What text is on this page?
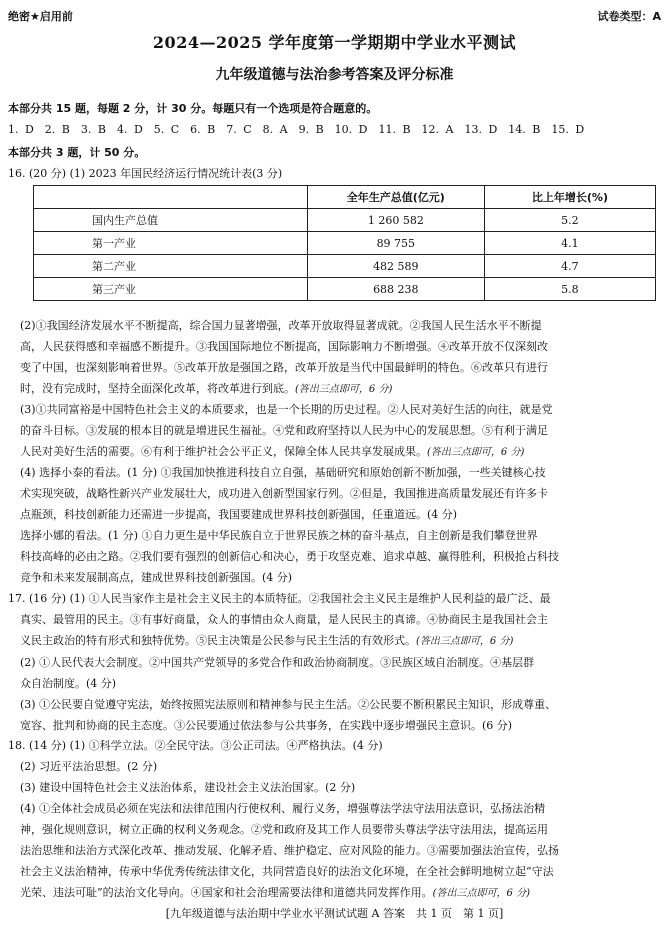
绝密★启用前	试卷类型：A
2024—2025 学年度第一学期期中学业水平测试
九年级道德与法治参考答案及评分标准
本部分共 15 题，每题 2 分，计 30 分。每题只有一个选项是符合题意的。
1. D　2. B　3. B　4. D　5. C　6. B　7. C　8. A　9. B　10. D　11. B　12. A　13. D　14. B　15. D
本部分共 3 题，计 50 分。
16. (20 分) (1) 2023 年国民经济运行情况统计表(3 分)
	全年生产总值(亿元)	比上年增长(%)
国内生产总值	1 260 582	5.2
第一产业	89 755	4.1
第二产业	482 589	4.7
第三产业	688 238	5.8
(2)①我国经济发展水平不断提高，综合国力显著增强，改革开放取得显著成就。②我国人民生活水平不断提
高，人民获得感和幸福感不断提升。③我国国际地位不断提高，国际影响力不断增强。④改革开放不仅深刻改
变了中国，也深刻影响着世界。⑤改革开放是强国之路，改革开放是当代中国最鲜明的特色。⑥改革只有进行
时，没有完成时，坚持全面深化改革，将改革进行到底。(答出三点即可，6 分)
(3)①共同富裕是中国特色社会主义的本质要求，也是一个长期的历史过程。②人民对美好生活的向往，就是党
的奋斗目标。③发展的根本目的就是增进民生福祉。④党和政府坚持以人民为中心的发展思想。⑤有利于满足
人民对美好生活的需要。⑥有利于维护社会公平正义，保障全体人民共享发展成果。(答出三点即可，6 分)
(4) 选择小泰的看法。(1 分) ①我国加快推进科技自立自强，基础研究和原始创新不断加强，一些关键核心技
术实现突破，战略性新兴产业发展壮大，成功进入创新型国家行列。②但是，我国推进高质量发展还有许多卡
点瓶颈，科技创新能力还需进一步提高，我国要建成世界科技创新强国，任重道远。(4 分)
选择小娜的看法。(1 分) ①自力更生是中华民族自立于世界民族之林的奋斗基点，自主创新是我们攀登世界
科技高峰的必由之路。②我们要有强烈的创新信心和决心，勇于攻坚克难、追求卓越、赢得胜利，积极抢占科技
竞争和未来发展制高点，建成世界科技创新强国。(4 分)
17. (16 分) (1) ①人民当家作主是社会主义民主的本质特征。②我国社会主义民主是维护人民利益的最广泛、最
真实、最管用的民主。③有事好商量，众人的事情由众人商量，是人民民主的真谛。④协商民主是我国社会主
义民主政治的特有形式和独特优势。⑤民主决策是公民参与民主生活的有效形式。(答出三点即可，6 分)
(2) ①人民代表大会制度。②中国共产党领导的多党合作和政治协商制度。③民族区域自治制度。④基层群
众自治制度。(4 分)
(3) ①公民要自觉遵守宪法，始终按照宪法原则和精神参与民主生活。②公民要不断积累民主知识，形成尊重、
宽容、批判和协商的民主态度。③公民要通过依法参与公共事务，在实践中逐步增强民主意识。(6 分)
18. (14 分) (1) ①科学立法。②全民守法。③公正司法。④严格执法。(4 分)
(2) 习近平法治思想。(2 分)
(3) 建设中国特色社会主义法治体系，建设社会主义法治国家。(2 分)
(4) ①全体社会成员必须在宪法和法律范围内行使权利、履行义务，增强尊法学法守法用法意识，弘扬法治精
神，强化规则意识，树立正确的权利义务观念。②党和政府及其工作人员要带头尊法学法守法用法，提高运用
法治思维和法治方式深化改革、推动发展、化解矛盾、维护稳定、应对风险的能力。③需要加强法治宣传，弘扬
社会主义法治精神，传承中华优秀传统法律文化，共同营造良好的法治文化环境，在全社会鲜明地树立起“守法
光荣、违法可耻”的法治文化导向。④国家和社会治理需要法律和道德共同发挥作用。(答出三点即可，6 分)
[九年级道德与法治期中学业水平测试试题 A 答案　共 1 页　第 1 页]
